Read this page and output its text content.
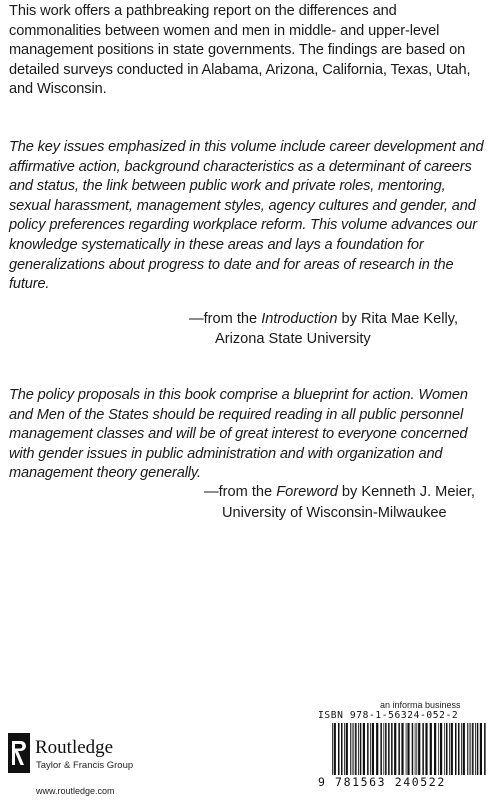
This work offers a pathbreaking report on the differences and commonalities between women and men in middle- and upper-level management positions in state governments. The findings are based on detailed surveys conducted in Alabama, Arizona, California, Texas, Utah, and Wisconsin.

The key issues emphasized in this volume include career development and affirmative action, background characteristics as a determinant of careers and status, the link between public work and private roles, mentoring, sexual harassment, management styles, agency cultures and gender, and policy preferences regarding workplace reform. This volume advances our knowledge systematically in these areas and lays a foundation for generalizations about progress to date and for areas of research in the future.

—from the Introduction by Rita Mae Kelly,
Arizona State University

The policy proposals in this book comprise a blueprint for action. Women and Men of the States should be required reading in all public personnel management classes and will be of great interest to everyone concerned with gender issues in public administration and with organization and management theory generally.

—from the Foreword by Kenneth J. Meier,
University of Wisconsin-Milwaukee
an informa business
ISBN 978-1-56324-052-2
9 781563 240522
Routledge
Taylor & Francis Group
www.routledge.com
